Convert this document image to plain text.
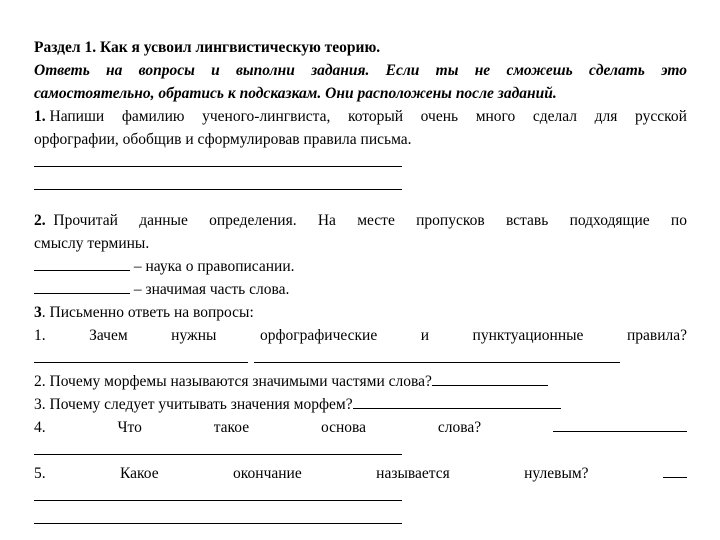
Раздел 1. Как я усвоил лингвистическую теорию.
Ответь на вопросы и выполни задания. Если ты не сможешь сделать это
самостоятельно, обратись к подсказкам. Они расположены после заданий.
1. Напиши фамилию ученого-лингвиста, который очень много сделал для русской
орфографии, обобщив и сформулировав правила письма.
2. Прочитай данные определения. На месте пропусков вставь подходящие по
смыслу термины.
– наука о правописании.
– значимая часть слова.
3. Письменно ответь на вопросы:
1.	Зачем	нужны	орфографические	и	пунктуационные	правила?
2. Почему морфемы называются значимыми частями слова?
3. Почему следует учитывать значения морфем?
4.	Что	такое	основа	слова?
5.	Какое	окончание	называется	нулевым?
